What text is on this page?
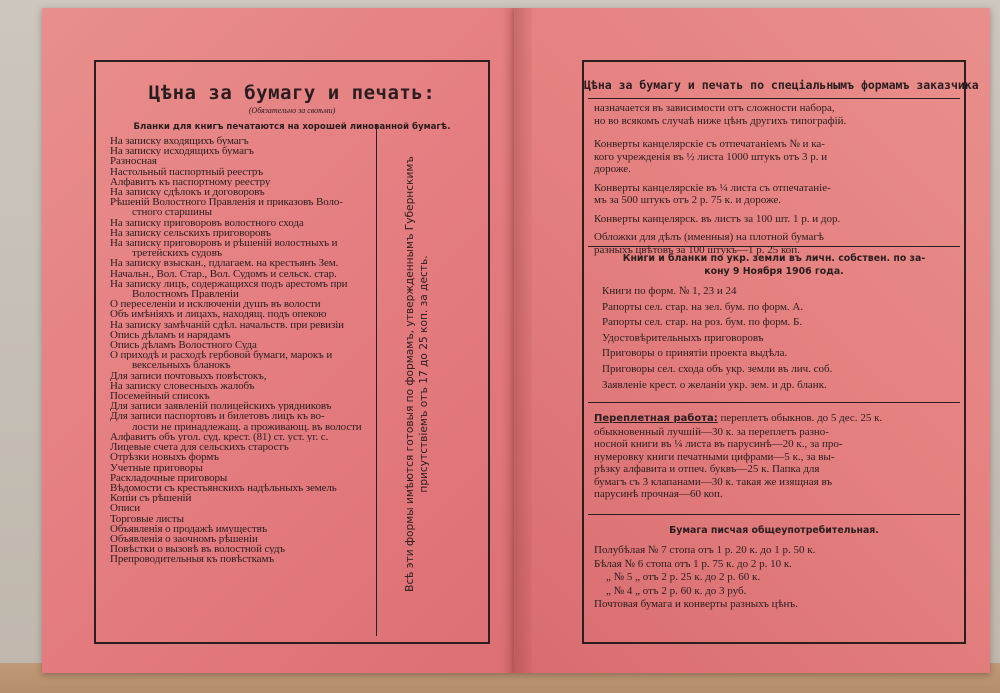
Цѣна за бумагу и печать:
(Обязательно за своѣми)
Бланки для книгъ печатаются на хорошей линованной бумагѣ.
На записку входящихъ бумагъ
На записку исходящихъ бумагъ
Разносная
Настольный паспортный реестръ
Алфавитъ къ паспортному реестру
На записку сдѣлокъ и договоровъ
Рѣшеній Волостного Правленія и приказовъ Воло-
стного старшины
На записку приговоровъ волостного схода
На записку сельскихъ приговоровъ
На записку приговоровъ и рѣшеній волостныхъ и
третейскихъ судовъ
На записку взыскан., пдлагаем. на крестьянъ Зем.
Начальн., Вол. Стар., Вол. Судомъ и сельск. стар.
На записку лицъ, содержащихся подъ арестомъ при
Волостномъ Правленіи
О переселеніи и исключеніи душъ въ волости
Объ имѣніяхъ и лицахъ, находящ. подъ опекою
На записку замѣчаній сдѣл. начальств. при ревизіи
Опись дѣламъ и нарядамъ
Опись дѣламъ Волостного Суда
О приходѣ и расходѣ гербовой бумаги, марокъ и
вексельныхъ бланокъ
Для записи почтовыхъ повѣстокъ,
На записку словесныхъ жалобъ
Посемейный списокъ
Для записи заявленій полицейскихъ урядниковъ
Для записи паспортовъ и билетовъ лицъ къ во-
лости не принадлежащ. а проживающ. въ волости
Алфавитъ объ угол. суд. крест. (81) ст. уст. уг. с.
Лицевые счета для сельскихъ старостъ
Отрѣзки новыхъ формъ
Учетные приговоры
Раскладочные приговоры
Вѣдомости съ крестьянскихъ надѣльныхъ земель
Копіи съ рѣшеній
Описи
Торговые листы
Объявленія о продажѣ имуществъ
Объявленія о заочномъ рѣшеніи
Повѣстки о вызовѣ въ волостной судъ
Препроводительныя къ повѣсткамъ	Всѣ эти формы имѣются готовыя по формамъ, утвержденнымъ Губернскимъ присутствіемъ отъ 17 до 25 коп. за десть.
Цѣна за бумагу и печать по спеціальнымъ формамъ заказчика
назначается въ зависимости отъ сложности набора,
но во всякомъ случаѣ ниже цѣнъ другихъ типографій.
Конверты канцелярскіе съ отпечатаніемъ № и ка-
кого учрежденія въ ½ листа 1000 штукъ отъ 3 р. и
дороже.
Конверты канцелярскіе въ ¼ листа съ отпечатаніе-
мъ за 500 штукъ отъ 2 р. 75 к. и дороже.
Конверты канцелярск. въ листъ за 100 шт. 1 р. и дор.
Обложки для дѣлъ (именныя) на плотной бумагѣ
разныхъ цвѣтовъ за 100 штукъ—1 р. 25 коп.
Книги и бланки по укр. земли въ личн. собствен. по за-
кону 9 Ноября 1906 года.
Книги по форм. № 1, 23 и 24
Рапорты сел. стар. на зел. бум. по форм. А.
Рапорты сел. стар. на роз. бум. по форм. Б.
Удостовѣрительныхъ приговоровъ
Приговоры о принятіи проекта выдѣла.
Приговоры сел. схода объ укр. земли въ лич. соб.
Заявленіе крест. о желаніи укр. зем. и др. бланк.
Переплетная работа: переплетъ обыкнов. до 5 дес. 25 к.
обыкновенный лучшій—30 к. за переплетъ разно-
носной книги въ ¼ листа въ парусинѣ—20 к., за про-
нумеровку книги печатными цифрами—5 к., за вы-
рѣзку алфавита и отпеч. буквъ—25 к. Папка для
бумагъ съ 3 клапанами—30 к. такая же изящная въ
парусинѣ прочная—60 коп.
Бумага писчая общеупотребительная.
Полубѣлая № 7 стопа отъ 1 р. 20 к. до 1 р. 50 к.
Бѣлая № 6 стопа отъ 1 р. 75 к. до 2 р. 10 к.
„ № 5 „ отъ 2 р. 25 к. до 2 р. 60 к.
„ № 4 „ отъ 2 р. 60 к. до 3 руб.
Почтовая бумага и конверты разныхъ цѣнъ.
